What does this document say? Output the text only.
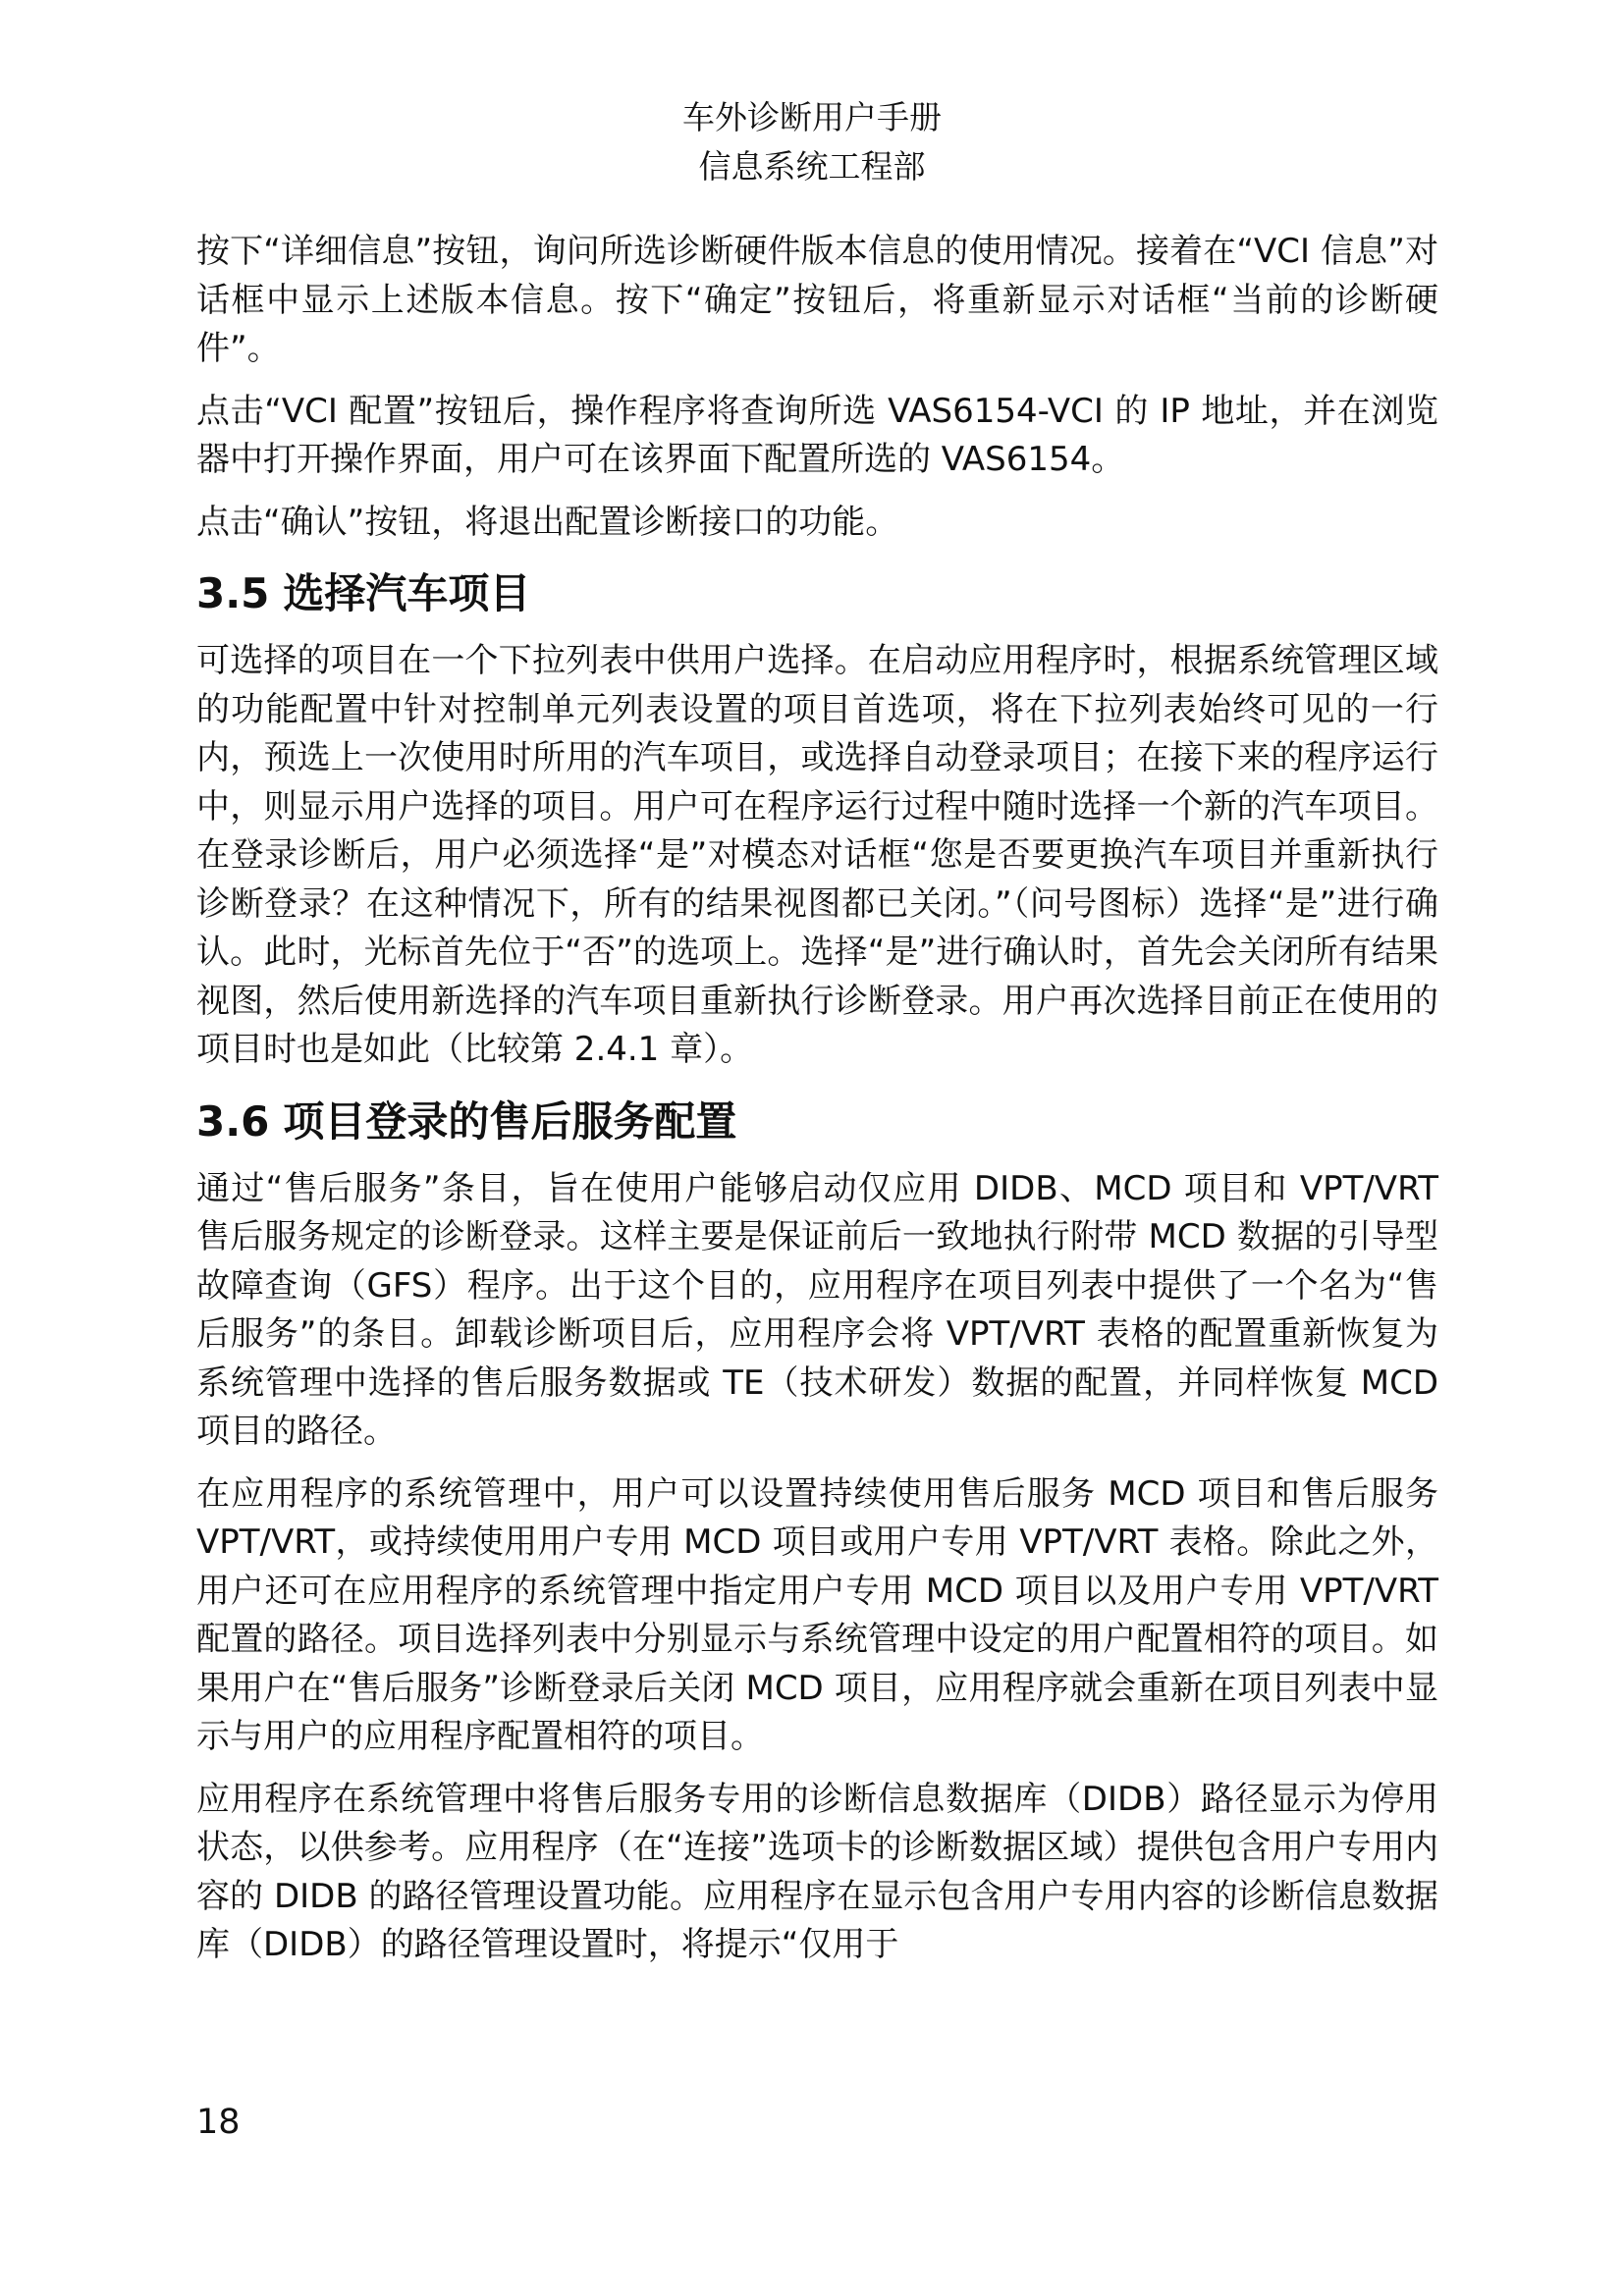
车外诊断用户手册
信息系统工程部

按下“详细信息”按钮，询问所选诊断硬件版本信息的使用情况。接着在“VCI 信息”对话框中显示上述版本信息。按下“确定”按钮后，将重新显示对话框“当前的诊断硬件”。

点击“VCI 配置”按钮后，操作程序将查询所选 VAS6154-VCI 的 IP 地址，并在浏览器中打开操作界面，用户可在该界面下配置所选的 VAS6154。

点击“确认”按钮，将退出配置诊断接口的功能。

3.5 选择汽车项目

可选择的项目在一个下拉列表中供用户选择。在启动应用程序时，根据系统管理区域的功能配置中针对控制单元列表设置的项目首选项，将在下拉列表始终可见的一行内，预选上一次使用时所用的汽车项目，或选择自动登录项目；在接下来的程序运行中，则显示用户选择的项目。用户可在程序运行过程中随时选择一个新的汽车项目。在登录诊断后，用户必须选择“是”对模态对话框“您是否要更换汽车项目并重新执行诊断登录？在这种情况下，所有的结果视图都已关闭。”（问号图标）选择“是”进行确认。此时，光标首先位于“否”的选项上。选择“是”进行确认时，首先会关闭所有结果视图，然后使用新选择的汽车项目重新执行诊断登录。用户再次选择目前正在使用的项目时也是如此（比较第 2.4.1 章）。

3.6 项目登录的售后服务配置

通过“售后服务”条目，旨在使用户能够启动仅应用 DIDB、MCD 项目和 VPT/VRT 售后服务规定的诊断登录。这样主要是保证前后一致地执行附带 MCD 数据的引导型故障查询（GFS）程序。出于这个目的，应用程序在项目列表中提供了一个名为“售后服务”的条目。卸载诊断项目后，应用程序会将 VPT/VRT 表格的配置重新恢复为系统管理中选择的售后服务数据或 TE（技术研发）数据的配置，并同样恢复 MCD 项目的路径。

在应用程序的系统管理中，用户可以设置持续使用售后服务 MCD 项目和售后服务 VPT/VRT，或持续使用用户专用 MCD 项目或用户专用 VPT/VRT 表格。除此之外，用户还可在应用程序的系统管理中指定用户专用 MCD 项目以及用户专用 VPT/VRT 配置的路径。项目选择列表中分别显示与系统管理中设定的用户配置相符的项目。如果用户在“售后服务”诊断登录后关闭 MCD 项目，应用程序就会重新在项目列表中显示与用户的应用程序配置相符的项目。

应用程序在系统管理中将售后服务专用的诊断信息数据库（DIDB）路径显示为停用状态，以供参考。应用程序（在“连接”选项卡的诊断数据区域）提供包含用户专用内容的 DIDB 的路径管理设置功能。应用程序在显示包含用户专用内容的诊断信息数据库（DIDB）的路径管理设置时，将提示“仅用于

18
